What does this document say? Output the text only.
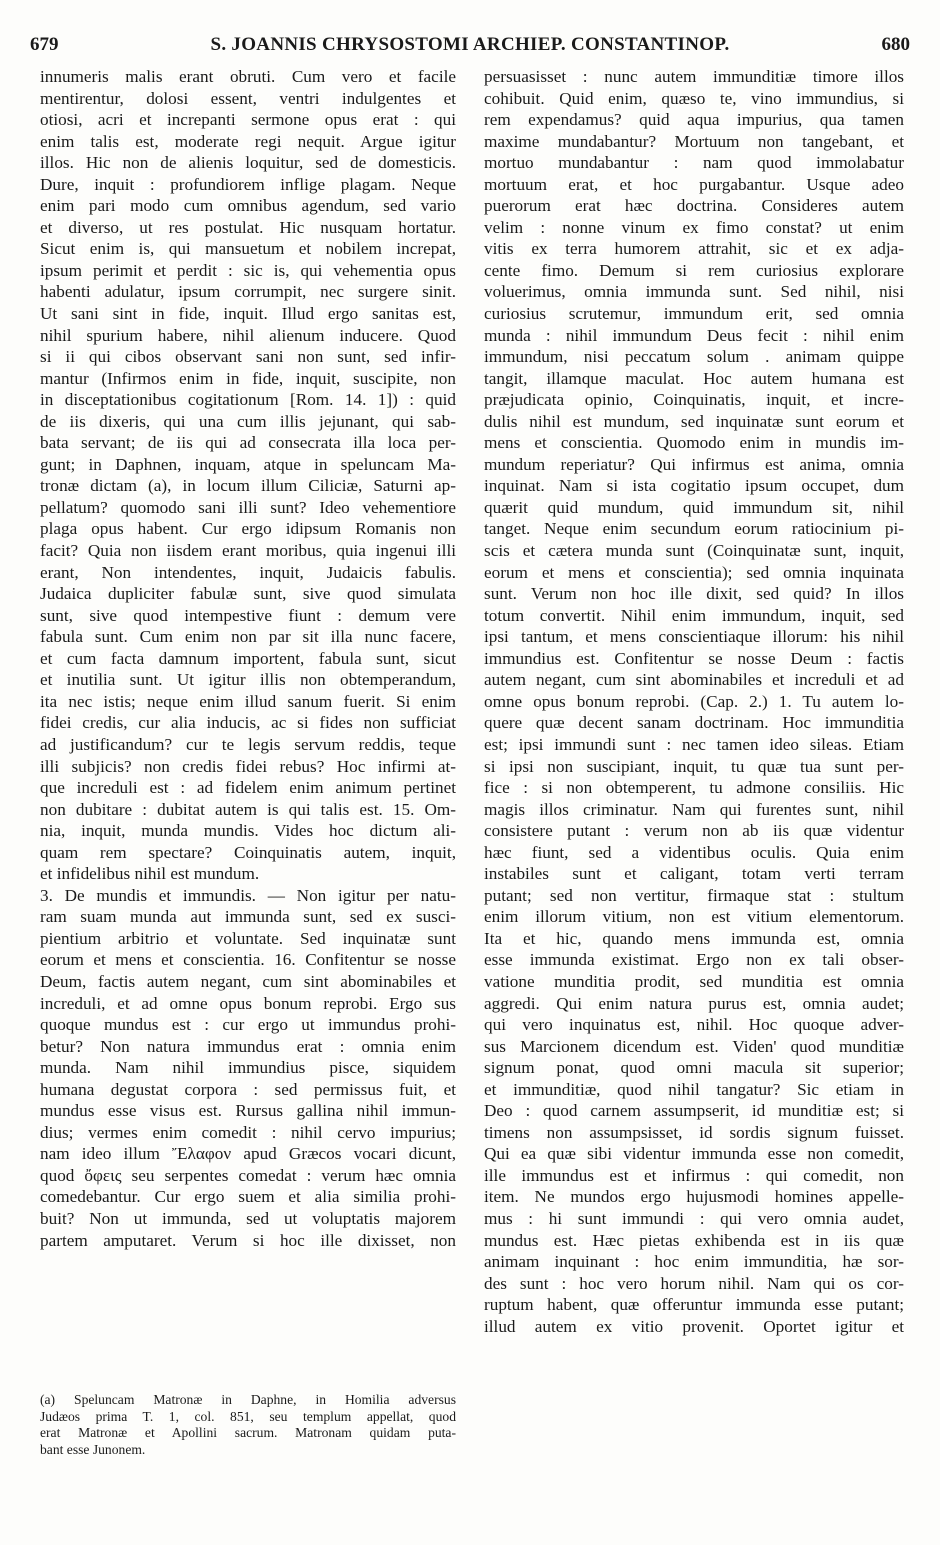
679	S. JOANNIS CHRYSOSTOMI ARCHIEP. CONSTANTINOP.	680
innumeris malis erant obruti. Cum vero et facile
mentirentur, dolosi essent, ventri indulgentes et
otiosi, acri et increpanti sermone opus erat : qui
enim talis est, moderate regi nequit. Argue igitur
illos. Hic non de alienis loquitur, sed de domesticis.
Dure, inquit : profundiorem inflige plagam. Neque
enim pari modo cum omnibus agendum, sed vario
et diverso, ut res postulat. Hic nusquam hortatur.
Sicut enim is, qui mansuetum et nobilem increpat,
ipsum perimit et perdit : sic is, qui vehementia opus
habenti adulatur, ipsum corrumpit, nec surgere sinit.
Ut sani sint in fide, inquit. Illud ergo sanitas est,
nihil spurium habere, nihil alienum inducere. Quod
si ii qui cibos observant sani non sunt, sed infir-
mantur (Infirmos enim in fide, inquit, suscipite, non
in disceptationibus cogitationum [Rom. 14. 1]) : quid
de iis dixeris, qui una cum illis jejunant, qui sab-
bata servant; de iis qui ad consecrata illa loca per-
gunt; in Daphnen, inquam, atque in speluncam Ma-
tronæ dictam (a), in locum illum Ciliciæ, Saturni ap-
pellatum? quomodo sani illi sunt? Ideo vehementiore
plaga opus habent. Cur ergo idipsum Romanis non
facit? Quia non iisdem erant moribus, quia ingenui illi
erant, Non intendentes, inquit, Judaicis fabulis.
Judaica dupliciter fabulæ sunt, sive quod simulata
sunt, sive quod intempestive fiunt : demum vere
fabula sunt. Cum enim non par sit illa nunc facere,
et cum facta damnum importent, fabula sunt, sicut
et inutilia sunt. Ut igitur illis non obtemperandum,
ita nec istis; neque enim illud sanum fuerit. Si enim
fidei credis, cur alia inducis, ac si fides non sufficiat
ad justificandum? cur te legis servum reddis, teque
illi subjicis? non credis fidei rebus? Hoc infirmi at-
que increduli est : ad fidelem enim animum pertinet
non dubitare : dubitat autem is qui talis est. 15. Om-
nia, inquit, munda mundis. Vides hoc dictum ali-
quam rem spectare? Coinquinatis autem, inquit,
et infidelibus nihil est mundum.
3. De mundis et immundis. — Non igitur per natu-
ram suam munda aut immunda sunt, sed ex susci-
pientium arbitrio et voluntate. Sed inquinatæ sunt
eorum et mens et conscientia. 16. Confitentur se nosse
Deum, factis autem negant, cum sint abominabiles et
increduli, et ad omne opus bonum reprobi. Ergo sus
quoque mundus est : cur ergo ut immundus prohi-
betur? Non natura immundus erat : omnia enim
munda. Nam nihil immundius pisce, siquidem
humana degustat corpora : sed permissus fuit, et
mundus esse visus est. Rursus gallina nihil immun-
dius; vermes enim comedit : nihil cervo impurius;
nam ideo illum Ἔλαφον apud Græcos vocari dicunt,
quod ὄφεις seu serpentes comedat : verum hæc omnia
comedebantur. Cur ergo suem et alia similia prohi-
buit? Non ut immunda, sed ut voluptatis majorem
partem amputaret. Verum si hoc ille dixisset, non
persuasisset : nunc autem immunditiæ timore illos
cohibuit. Quid enim, quæso te, vino immundius, si
rem expendamus? quid aqua impurius, qua tamen
maxime mundabantur? Mortuum non tangebant, et
mortuo mundabantur : nam quod immolabatur
mortuum erat, et hoc purgabantur. Usque adeo
puerorum erat hæc doctrina. Consideres autem
velim : nonne vinum ex fimo constat? ut enim
vitis ex terra humorem attrahit, sic et ex adja-
cente fimo. Demum si rem curiosius explorare
voluerimus, omnia immunda sunt. Sed nihil, nisi
curiosius scrutemur, immundum erit, sed omnia
munda : nihil immundum Deus fecit : nihil enim
immundum, nisi peccatum solum . animam quippe
tangit, illamque maculat. Hoc autem humana est
præjudicata opinio, Coinquinatis, inquit, et incre-
dulis nihil est mundum, sed inquinatæ sunt eorum et
mens et conscientia. Quomodo enim in mundis im-
mundum reperiatur? Qui infirmus est anima, omnia
inquinat. Nam si ista cogitatio ipsum occupet, dum
quærit quid mundum, quid immundum sit, nihil
tanget. Neque enim secundum eorum ratiocinium pi-
scis et cætera munda sunt (Coinquinatæ sunt, inquit,
eorum et mens et conscientia); sed omnia inquinata
sunt. Verum non hoc ille dixit, sed quid? In illos
totum convertit. Nihil enim immundum, inquit, sed
ipsi tantum, et mens conscientiaque illorum: his nihil
immundius est. Confitentur se nosse Deum : factis
autem negant, cum sint abominabiles et increduli et ad
omne opus bonum reprobi. (Cap. 2.) 1. Tu autem lo-
quere quæ decent sanam doctrinam. Hoc immunditia
est; ipsi immundi sunt : nec tamen ideo sileas. Etiam
si ipsi non suscipiant, inquit, tu quæ tua sunt per-
fice : si non obtemperent, tu admone consiliis. Hic
magis illos criminatur. Nam qui furentes sunt, nihil
consistere putant : verum non ab iis quæ videntur
hæc fiunt, sed a videntibus oculis. Quia enim
instabiles sunt et caligant, totam verti terram
putant; sed non vertitur, firmaque stat : stultum
enim illorum vitium, non est vitium elementorum.
Ita et hic, quando mens immunda est, omnia
esse immunda existimat. Ergo non ex tali obser-
vatione munditia prodit, sed munditia est omnia
aggredi. Qui enim natura purus est, omnia audet;
qui vero inquinatus est, nihil. Hoc quoque adver-
sus Marcionem dicendum est. Viden' quod munditiæ
signum ponat, quod omni macula sit superior;
et immunditiæ, quod nihil tangatur? Sic etiam in
Deo : quod carnem assumpserit, id munditiæ est; si
timens non assumpsisset, id sordis signum fuisset.
Qui ea quæ sibi videntur immunda esse non comedit,
ille immundus est et infirmus : qui comedit, non
item. Ne mundos ergo hujusmodi homines appelle-
mus : hi sunt immundi : qui vero omnia audet,
mundus est. Hæc pietas exhibenda est in iis quæ
animam inquinant : hoc enim immunditia, hæ sor-
des sunt : hoc vero horum nihil. Nam qui os cor-
ruptum habent, quæ offeruntur immunda esse putant;
illud autem ex vitio provenit. Oportet igitur et
(a) Speluncam Matronæ in Daphne, in Homilia adversus
Judæos prima T. 1, col. 851, seu templum appellat, quod
erat Matronæ et Apollini sacrum. Matronam quidam puta-
bant esse Junonem.
